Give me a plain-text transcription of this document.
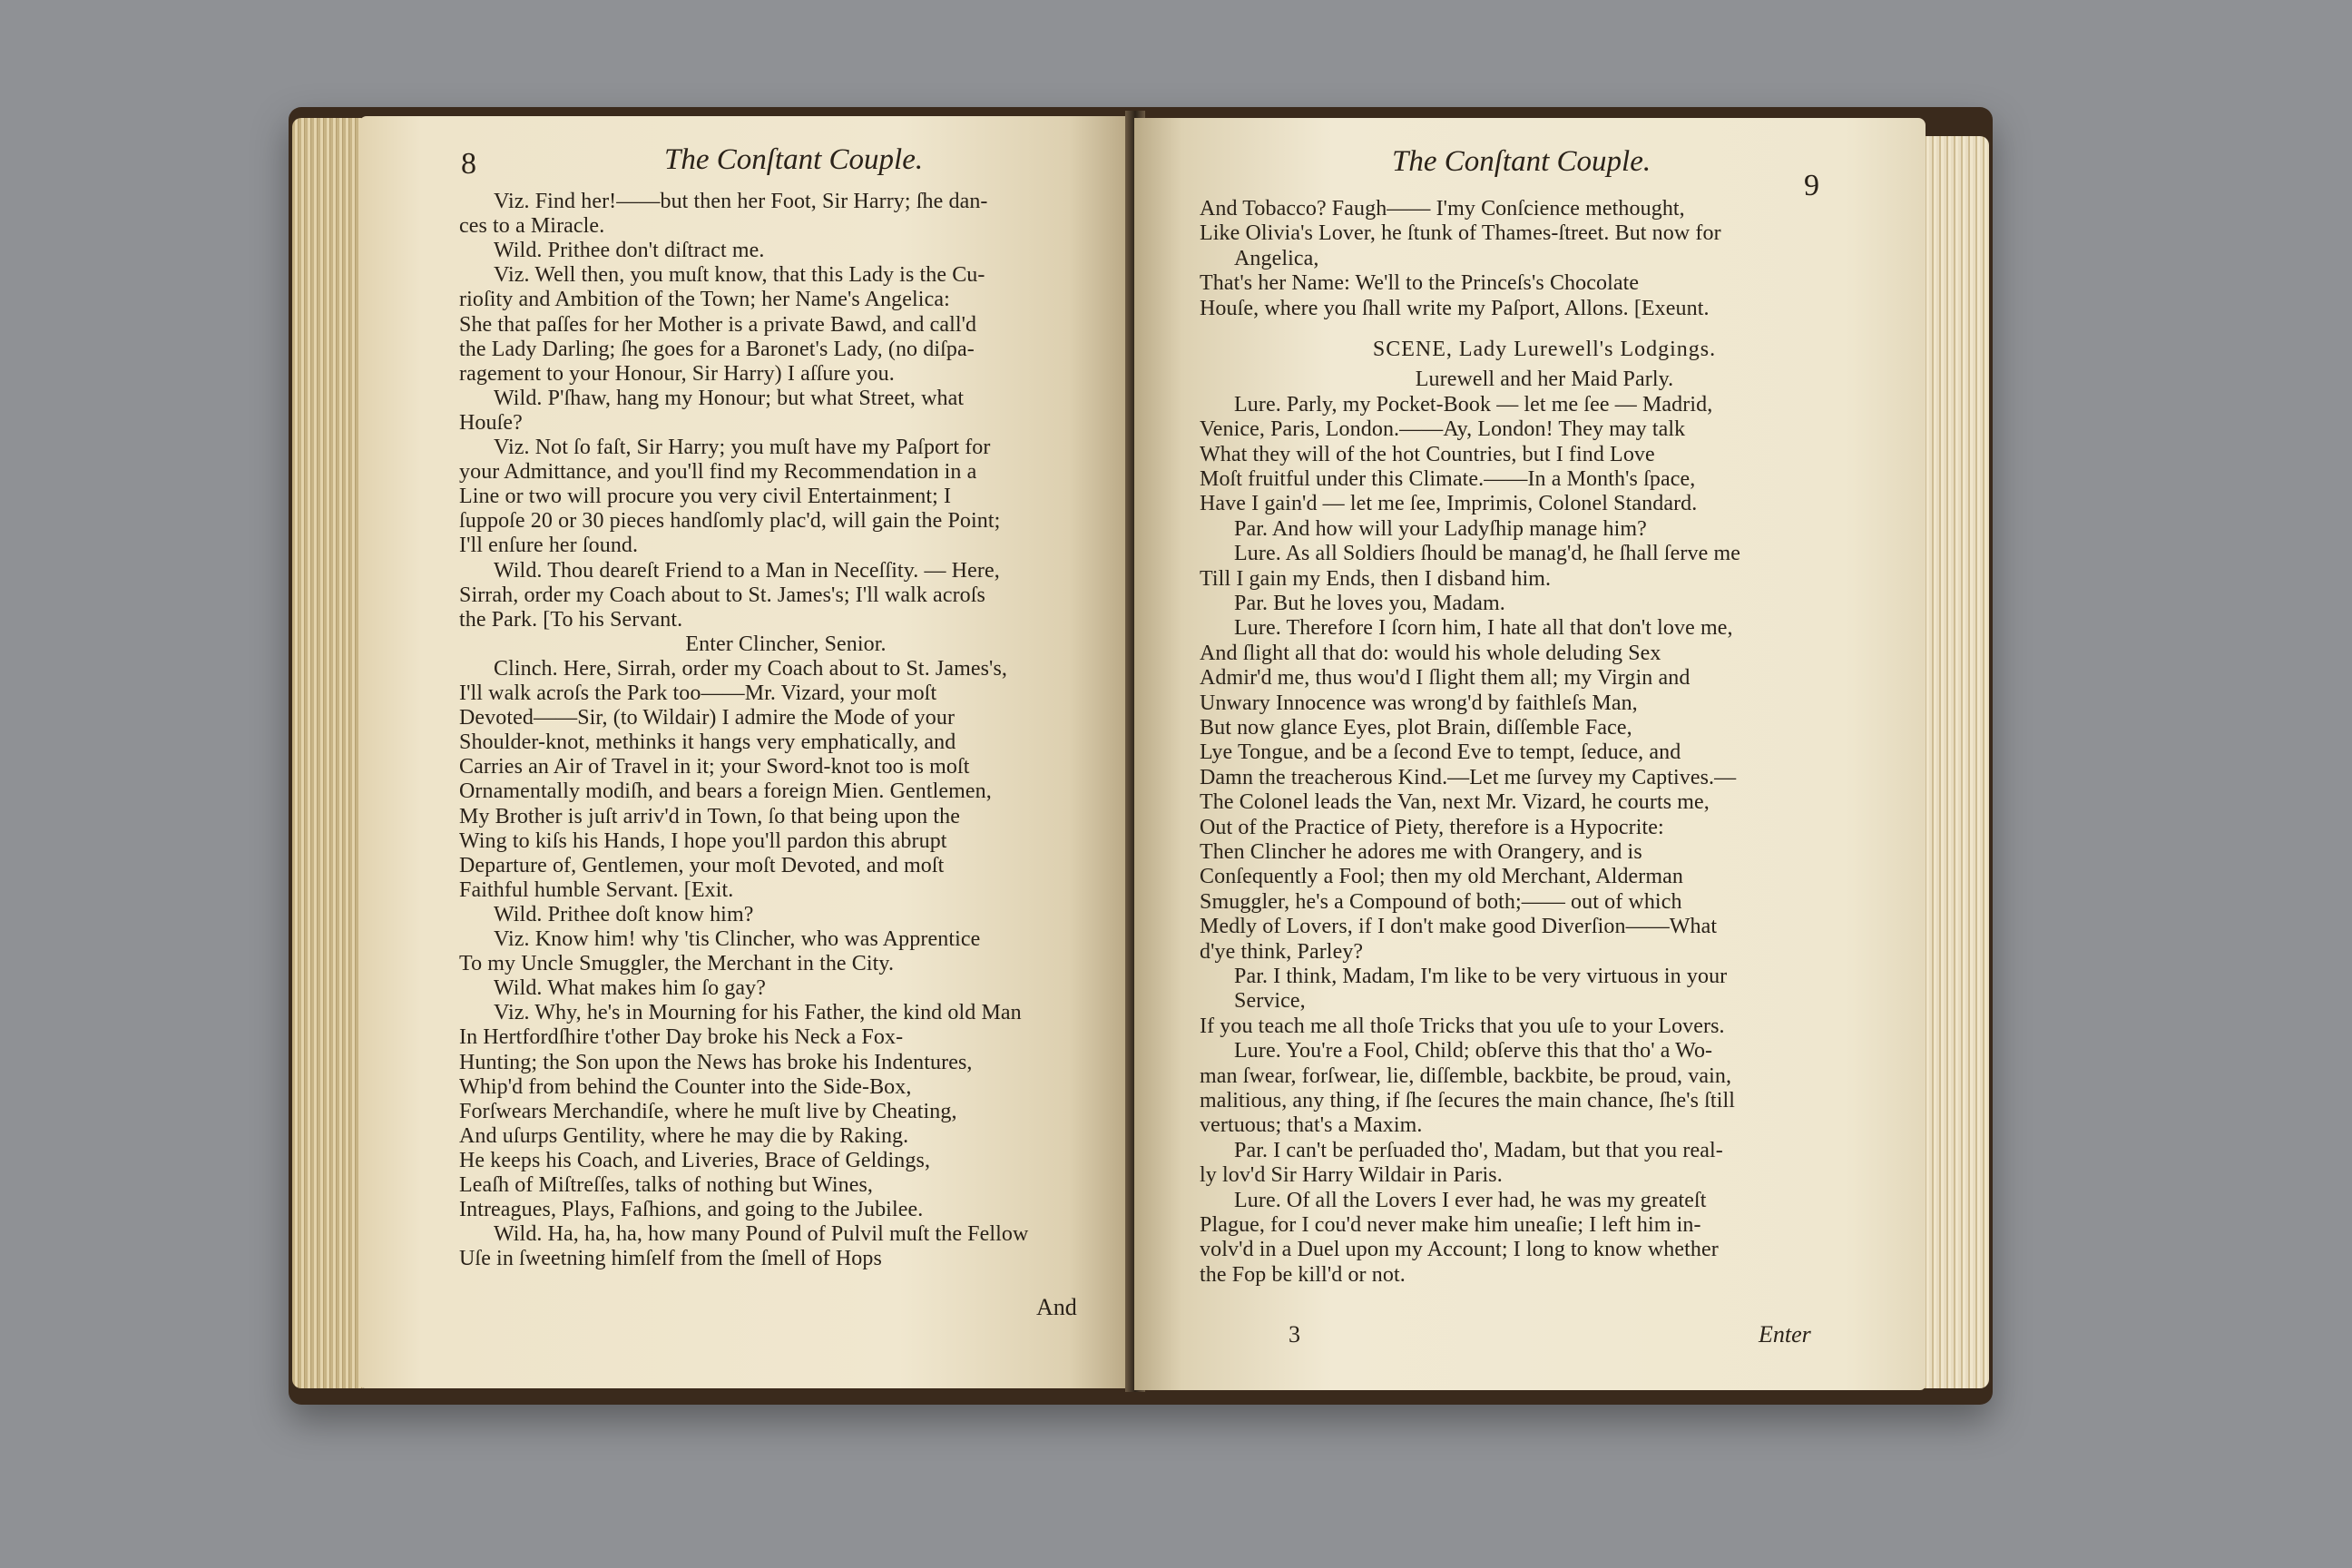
8	The Conſtant Couple.
Viz. Find her!——but then her Foot, Sir Harry; ſhe dan-
ces to a Miracle.
Wild. Prithee don't diſtract me.
Viz. Well then, you muſt know, that this Lady is the Cu-
rioſity and Ambition of the Town; her Name's Angelica:
She that paſſes for her Mother is a private Bawd, and call'd
the Lady Darling; ſhe goes for a Baronet's Lady, (no diſpa-
ragement to your Honour, Sir Harry) I aſſure you.
Wild. P'ſhaw, hang my Honour; but what Street, what
Houſe?
Viz. Not ſo faſt, Sir Harry; you muſt have my Paſport for
your Admittance, and you'll find my Recommendation in a
Line or two will procure you very civil Entertainment; I
ſuppoſe 20 or 30 pieces handſomly plac'd, will gain the Point;
I'll enſure her ſound.
Wild. Thou deareſt Friend to a Man in Neceſſity. — Here,
Sirrah, order my Coach about to St. James's; I'll walk acroſs
the Park. [To his Servant.
Enter Clincher, Senior.
Clinch. Here, Sirrah, order my Coach about to St. James's,
I'll walk acroſs the Park too——Mr. Vizard, your moſt
Devoted——Sir, (to Wildair) I admire the Mode of your
Shoulder-knot, methinks it hangs very emphatically, and
Carries an Air of Travel in it; your Sword-knot too is moſt
Ornamentally modiſh, and bears a foreign Mien. Gentlemen,
My Brother is juſt arriv'd in Town, ſo that being upon the
Wing to kiſs his Hands, I hope you'll pardon this abrupt
Departure of, Gentlemen, your moſt Devoted, and moſt
Faithful humble Servant. [Exit.
Wild. Prithee doſt know him?
Viz. Know him! why 'tis Clincher, who was Apprentice
To my Uncle Smuggler, the Merchant in the City.
Wild. What makes him ſo gay?
Viz. Why, he's in Mourning for his Father, the kind old Man
In Hertfordſhire t'other Day broke his Neck a Fox-
Hunting; the Son upon the News has broke his Indentures,
Whip'd from behind the Counter into the Side-Box,
Forſwears Merchandiſe, where he muſt live by Cheating,
And uſurps Gentility, where he may die by Raking.
He keeps his Coach, and Liveries, Brace of Geldings,
Leaſh of Miſtreſſes, talks of nothing but Wines,
Intreagues, Plays, Faſhions, and going to the Jubilee.
Wild. Ha, ha, ha, how many Pound of Pulvil muſt the Fellow
Uſe in ſweetning himſelf from the ſmell of Hops
And
The Conſtant Couple.
9
And Tobacco? Faugh—— I'my Conſcience methought,
Like Olivia's Lover, he ſtunk of Thames-ſtreet. But now for
Angelica,
That's her Name: We'll to the Princeſs's Chocolate
Houſe, where you ſhall write my Paſport, Allons. [Exeunt.
SCENE, Lady Lurewell's Lodgings.
Lurewell and her Maid Parly.
Lure. Parly, my Pocket-Book — let me ſee — Madrid,
Venice, Paris, London.——Ay, London! They may talk
What they will of the hot Countries, but I find Love
Moſt fruitful under this Climate.——In a Month's ſpace,
Have I gain'd — let me ſee, Imprimis, Colonel Standard.
Par. And how will your Ladyſhip manage him?
Lure. As all Soldiers ſhould be manag'd, he ſhall ſerve me
Till I gain my Ends, then I disband him.
Par. But he loves you, Madam.
Lure. Therefore I ſcorn him, I hate all that don't love me,
And ſlight all that do: would his whole deluding Sex
Admir'd me, thus wou'd I ſlight them all; my Virgin and
Unwary Innocence was wrong'd by faithleſs Man,
But now glance Eyes, plot Brain, diſſemble Face,
Lye Tongue, and be a ſecond Eve to tempt, ſeduce, and
Damn the treacherous Kind.—Let me ſurvey my Captives.—
The Colonel leads the Van, next Mr. Vizard, he courts me,
Out of the Practice of Piety, therefore is a Hypocrite:
Then Clincher he adores me with Orangery, and is
Conſequently a Fool; then my old Merchant, Alderman
Smuggler, he's a Compound of both;—— out of which
Medly of Lovers, if I don't make good Diverſion——What
d'ye think, Parley?
Par. I think, Madam, I'm like to be very virtuous in your
Service,
If you teach me all thoſe Tricks that you uſe to your Lovers.
Lure. You're a Fool, Child; obſerve this that tho' a Wo-
man ſwear, forſwear, lie, diſſemble, backbite, be proud, vain,
malitious, any thing, if ſhe ſecures the main chance, ſhe's ſtill
vertuous; that's a Maxim.
Par. I can't be perſuaded tho', Madam, but that you real-
ly lov'd Sir Harry Wildair in Paris.
Lure. Of all the Lovers I ever had, he was my greateſt
Plague, for I cou'd never make him uneaſie; I left him in-
volv'd in a Duel upon my Account; I long to know whether
the Fop be kill'd or not.
3	Enter
